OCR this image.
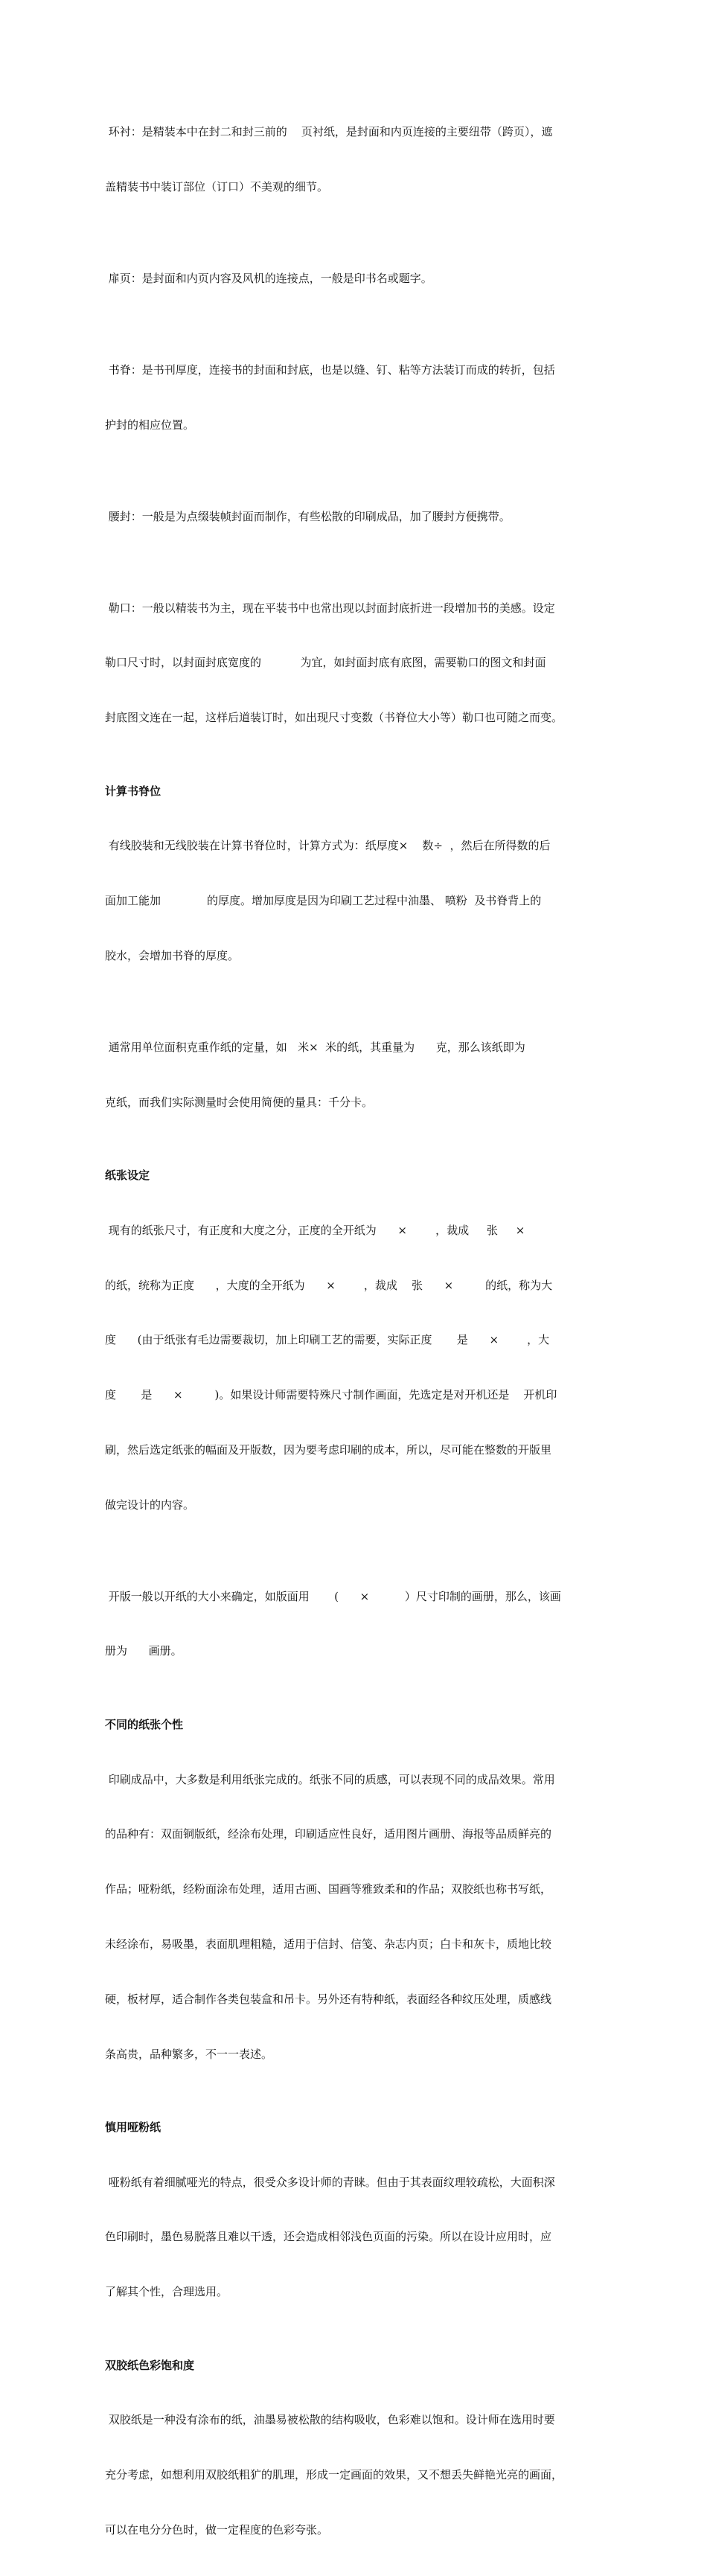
环衬：是精装本中在封二和封三前的    页衬纸，是封面和内页连接的主要纽带（跨页），遮

盖精装书中装订部位（订口）不美观的细节。

扉页：是封面和内页内容及风机的连接点，一般是印书名或题字。

书脊：是书刊厚度，连接书的封面和封底，也是以缝、钉、粘等方法装订而成的转折，包括

护封的相应位置。

腰封：一般是为点缀装帧封面而制作，有些松散的印刷成品，加了腰封方便携带。

勒口：一般以精装书为主，现在平装书中也常出现以封面封底折进一段增加书的美感。设定

勒口尺寸时，以封面封底宽度的           为宜，如封面封底有底图，需要勒口的图文和封面

封底图文连在一起，这样后道装订时，如出现尺寸变数（书脊位大小等）勒口也可随之而变。

计算书脊位

有线胶装和无线胶装在计算书脊位时，计算方式为：纸厚度×    数÷  ，然后在所得数的后

面加工能加             的厚度。增加厚度是因为印刷工艺过程中油墨、 喷粉  及书脊背上的

胶水，会增加书脊的厚度。

通常用单位面积克重作纸的定量，如   米×  米的纸，其重量为      克，那么该纸即为

克纸，而我们实际测量时会使用简便的量具：千分卡。

纸张设定

现有的纸张尺寸，有正度和大度之分，正度的全开纸为      ×        ，裁成     张     ×

的纸，统称为正度      ，大度的全开纸为      ×        ，裁成    张      ×         的纸，称为大

度      (由于纸张有毛边需要裁切，加上印刷工艺的需要，实际正度       是      ×        ，大

度       是      ×         )。如果设计师需要特殊尺寸制作画面，先选定是对开机还是    开机印

刷，然后选定纸张的幅面及开版数，因为要考虑印刷的成本，所以，尽可能在整数的开版里

做完设计的内容。

开版一般以开纸的大小来确定，如版面用       (      ×          ）尺寸印制的画册，那么，该画

册为      画册。

不同的纸张个性

印刷成品中，大多数是利用纸张完成的。纸张不同的质感，可以表现不同的成品效果。常用

的品种有：双面铜版纸，经涂布处理，印刷适应性良好，适用图片画册、海报等品质鲜亮的

作品；哑粉纸，经粉面涂布处理，适用古画、国画等雅致柔和的作品；双胶纸也称书写纸，

未经涂布，易吸墨，表面肌理粗糙，适用于信封、信笺、杂志内页；白卡和灰卡，质地比较

硬，板材厚，适合制作各类包装盒和吊卡。另外还有特种纸，表面经各种纹压处理，质感线

条高贵，品种繁多，不一一表述。

慎用哑粉纸

哑粉纸有着细腻哑光的特点，很受众多设计师的青睐。但由于其表面纹理较疏松，大面积深

色印刷时，墨色易脱落且难以干透，还会造成相邻浅色页面的污染。所以在设计应用时，应

了解其个性，合理选用。

双胶纸色彩饱和度

双胶纸是一种没有涂布的纸，油墨易被松散的结构吸收，色彩难以饱和。设计师在选用时要

充分考虑，如想利用双胶纸粗犷的肌理，形成一定画面的效果，又不想丢失鲜艳光亮的画面，

可以在电分分色时，做一定程度的色彩夸张。
